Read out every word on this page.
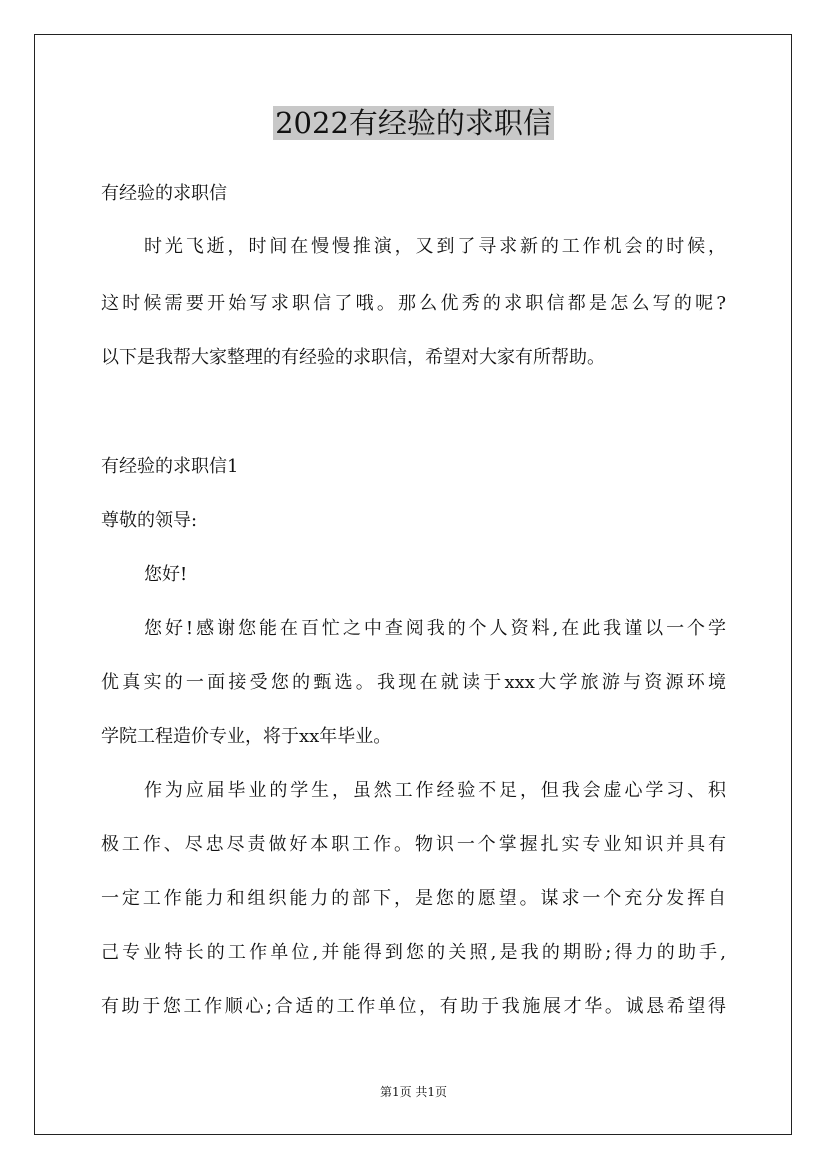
2022有经验的求职信
有经验的求职信
时光飞逝，时间在慢慢推演，又到了寻求新的工作机会的时候，
这时候需要开始写求职信了哦。那么优秀的求职信都是怎么写的呢?
以下是我帮大家整理的有经验的求职信，希望对大家有所帮助。
有经验的求职信1
尊敬的领导:
您好!
您好!感谢您能在百忙之中查阅我的个人资料,在此我谨以一个学
优真实的一面接受您的甄选。我现在就读于xxx大学旅游与资源环境
学院工程造价专业，将于xx年毕业。
作为应届毕业的学生，虽然工作经验不足，但我会虚心学习、积
极工作、尽忠尽责做好本职工作。物识一个掌握扎实专业知识并具有
一定工作能力和组织能力的部下，是您的愿望。谋求一个充分发挥自
己专业特长的工作单位,并能得到您的关照,是我的期盼;得力的助手,
有助于您工作顺心;合适的工作单位，有助于我施展才华。诚恳希望得
第1页 共1页
